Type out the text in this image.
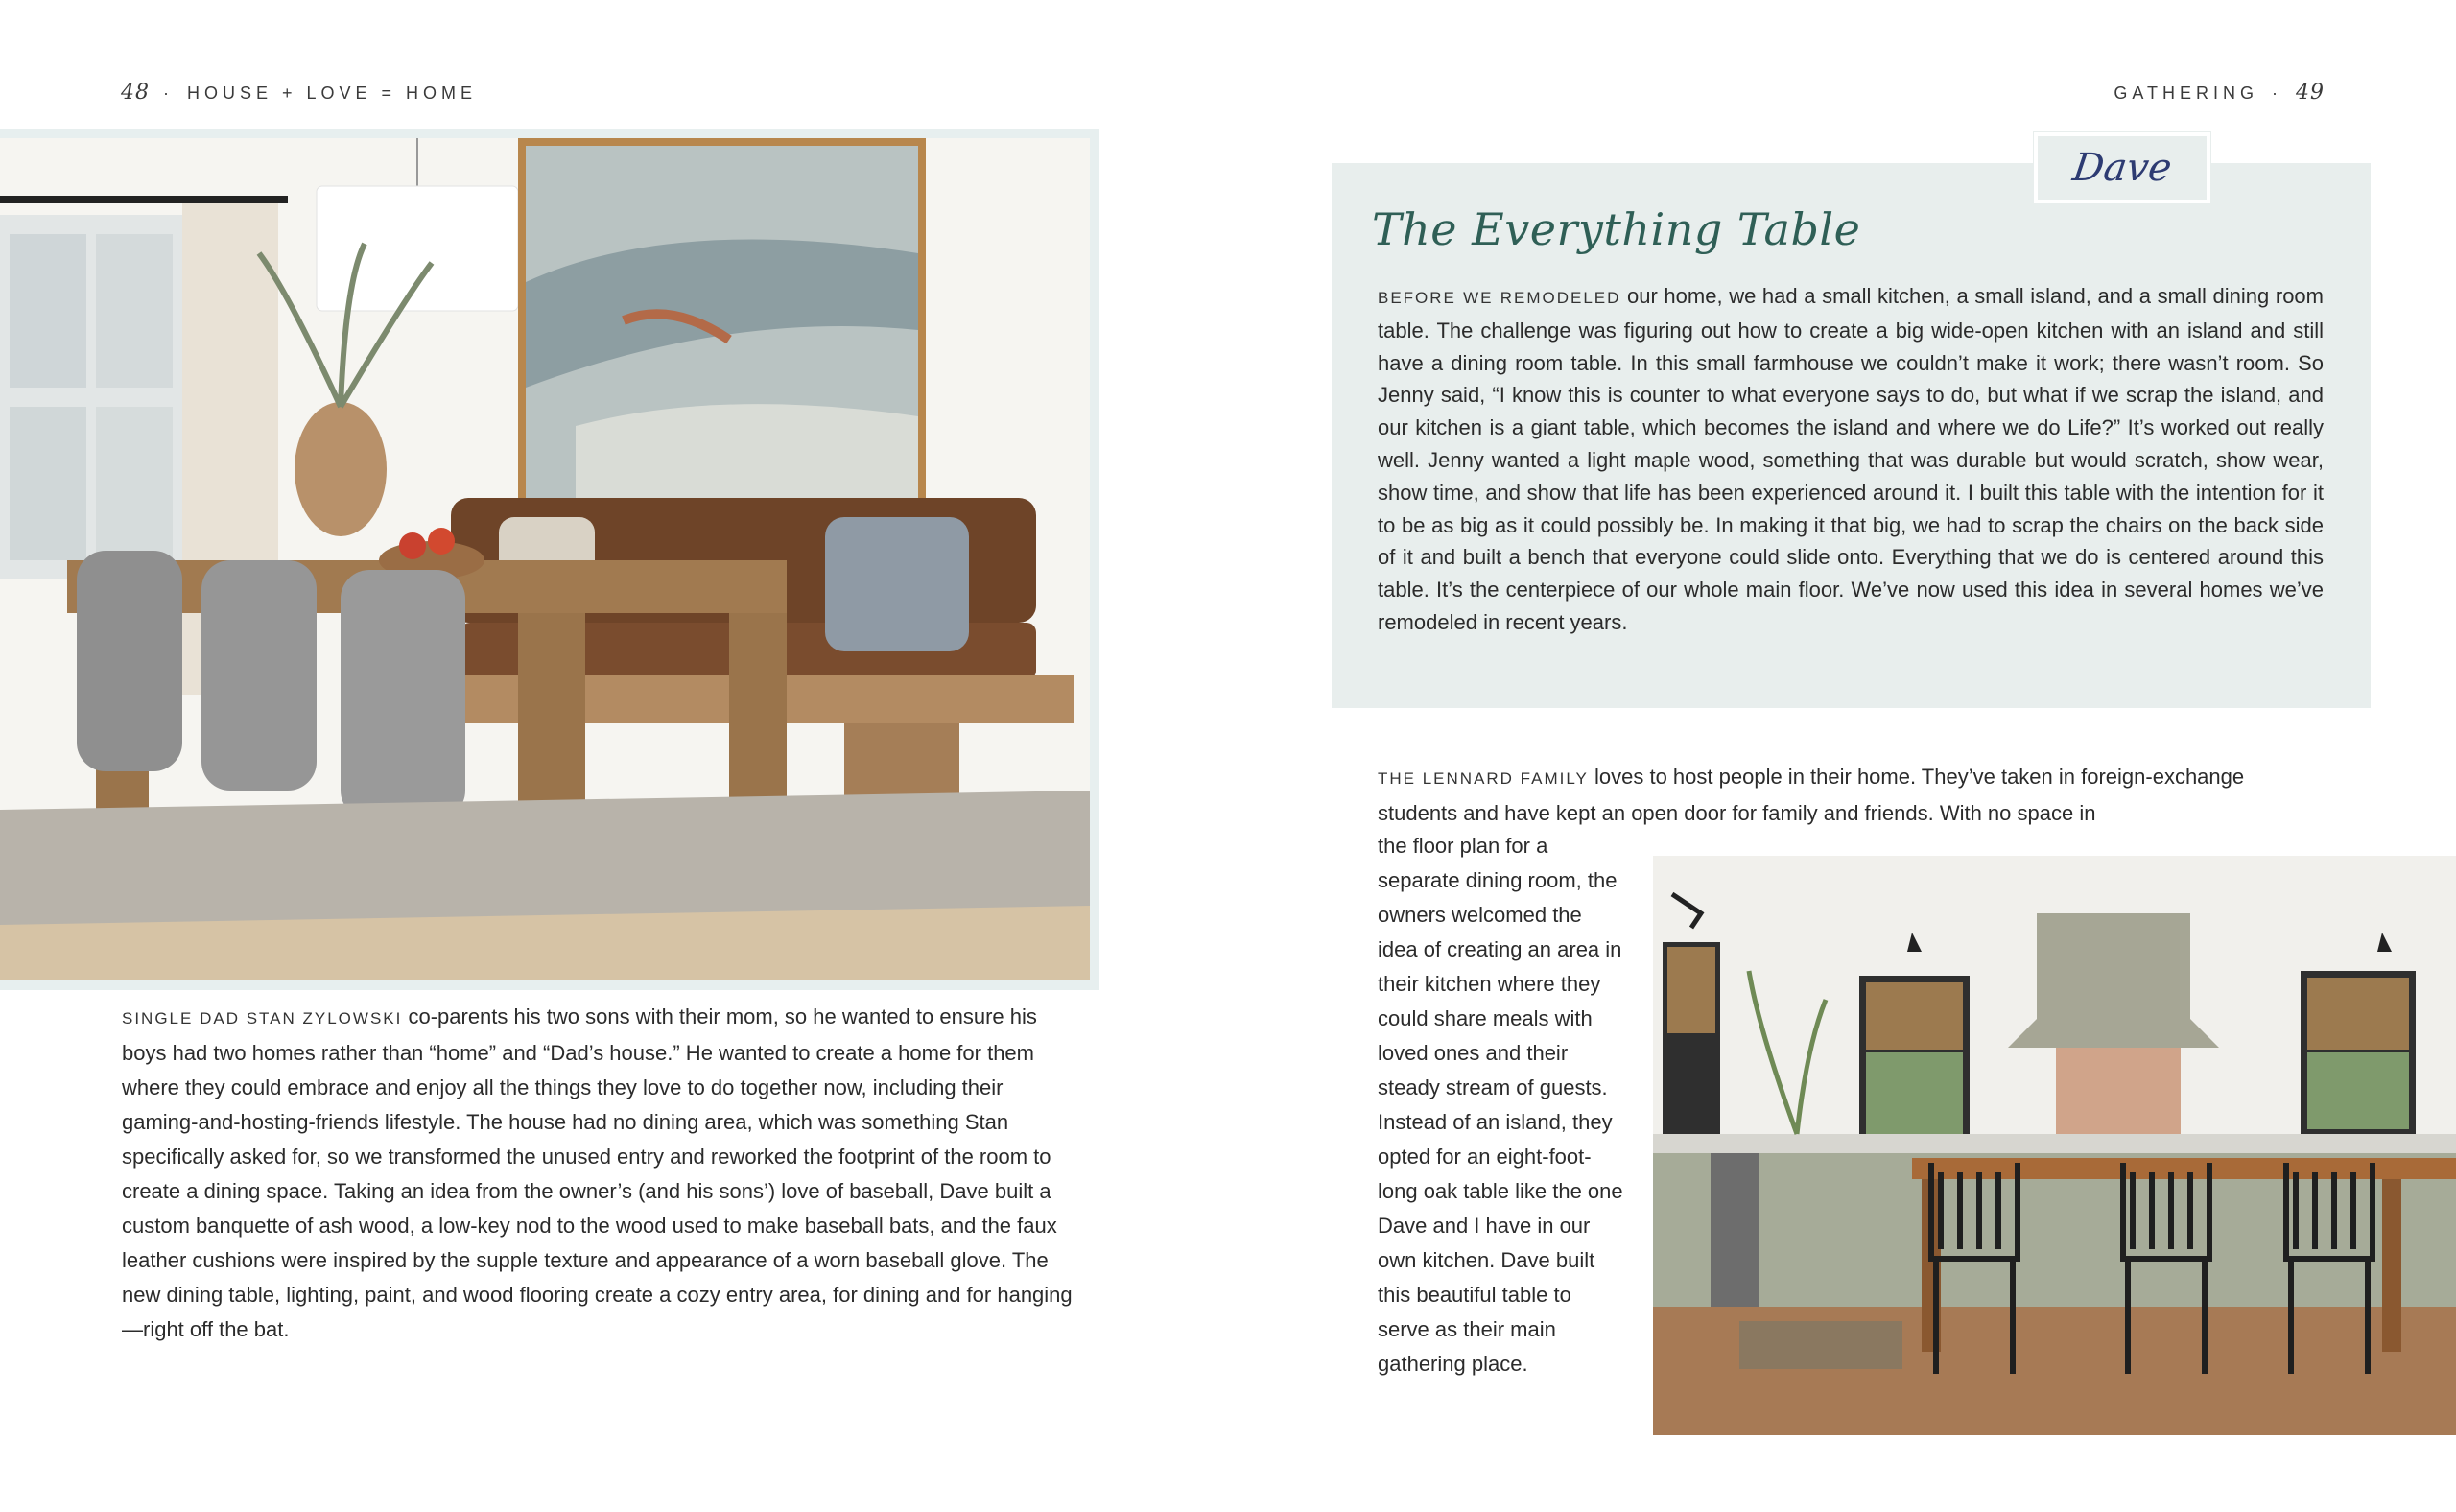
48 · HOUSE + LOVE = HOME	GATHERING · 49

SINGLE DAD STAN ZYLOWSKI co-parents his two sons with their mom, so he wanted to ensure his boys had two homes rather than “home” and “Dad’s house.” He wanted to create a home for them where they could embrace and enjoy all the things they love to do together now, including their gaming-and-hosting-friends lifestyle. The house had no dining area, which was something Stan specifically asked for, so we transformed the unused entry and reworked the footprint of the room to create a dining space. Taking an idea from the owner’s (and his sons’) love of baseball, Dave built a custom banquette of ash wood, a low-key nod to the wood used to make baseball bats, and the faux leather cushions were inspired by the supple texture and appearance of a worn baseball glove. The new dining table, lighting, paint, and wood flooring create a cozy entry area, for dining and for hanging—right off the bat.

Dave
The Everything Table

BEFORE WE REMODELED our home, we had a small kitchen, a small island, and a small dining room table. The challenge was figuring out how to create a big wide-open kitchen with an island and still have a dining room table. In this small farmhouse we couldn’t make it work; there wasn’t room. So Jenny said, “I know this is counter to what everyone says to do, but what if we scrap the island, and our kitchen is a giant table, which becomes the island and where we do Life?” It’s worked out really well. Jenny wanted a light maple wood, something that was durable but would scratch, show wear, show time, and show that life has been experienced around it. I built this table with the intention for it to be as big as it could possibly be. In making it that big, we had to scrap the chairs on the back side of it and built a bench that everyone could slide onto. Everything that we do is centered around this table. It’s the centerpiece of our whole main floor. We’ve now used this idea in several homes we’ve remodeled in recent years.

THE LENNARD FAMILY loves to host people in their home. They’ve taken in foreign-exchange students and have kept an open door for family and friends. With no space in

the floor plan for a separate dining room, the owners welcomed the idea of creating an area in their kitchen where they could share meals with loved ones and their steady stream of guests. Instead of an island, they opted for an eight-foot-long oak table like the one Dave and I have in our own kitchen. Dave built this beautiful table to serve as their main gathering place.
